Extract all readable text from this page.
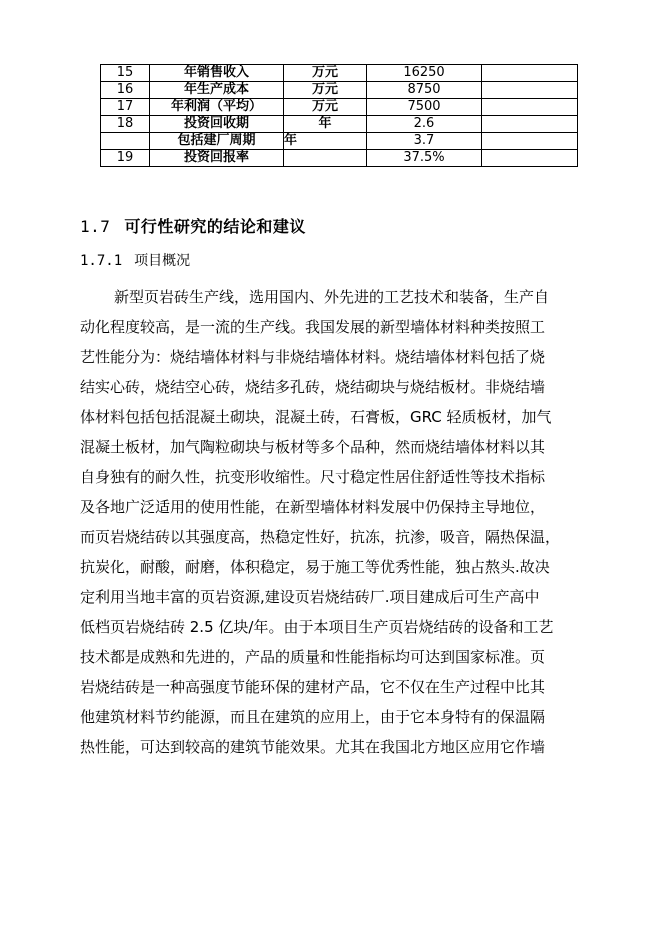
15	年销售收入	万元	16250	
16	年生产成本	万元	8750	
17	年利润（平均）	万元	7500	
18	投资回收期	年	2.6	
	包括建厂周期	年	3.7	
19	投资回报率		37.5%	
1.7 可行性研究的结论和建议
1.7.1 项目概况
新型页岩砖生产线，选用国内、外先进的工艺技术和装备，生产自
动化程度较高，是一流的生产线。我国发展的新型墙体材料种类按照工
艺性能分为：烧结墙体材料与非烧结墙体材料。烧结墙体材料包括了烧
结实心砖，烧结空心砖，烧结多孔砖，烧结砌块与烧结板材。非烧结墙
体材料包括包括混凝土砌块，混凝土砖，石膏板，GRC 轻质板材，加气
混凝土板材，加气陶粒砌块与板材等多个品种，然而烧结墙体材料以其
自身独有的耐久性，抗变形收缩性。尺寸稳定性居住舒适性等技术指标
及各地广泛适用的使用性能，在新型墙体材料发展中仍保持主导地位，
而页岩烧结砖以其强度高，热稳定性好，抗冻，抗渗，吸音，隔热保温，
抗炭化，耐酸，耐磨，体积稳定，易于施工等优秀性能，独占熬头.故决
定利用当地丰富的页岩资源,建设页岩烧结砖厂.项目建成后可生产高中
低档页岩烧结砖 2.5 亿块/年。由于本项目生产页岩烧结砖的设备和工艺
技术都是成熟和先进的，产品的质量和性能指标均可达到国家标准。页
岩烧结砖是一种高强度节能环保的建材产品，它不仅在生产过程中比其
他建筑材料节约能源，而且在建筑的应用上，由于它本身特有的保温隔
热性能，可达到较高的建筑节能效果。尤其在我国北方地区应用它作墙
